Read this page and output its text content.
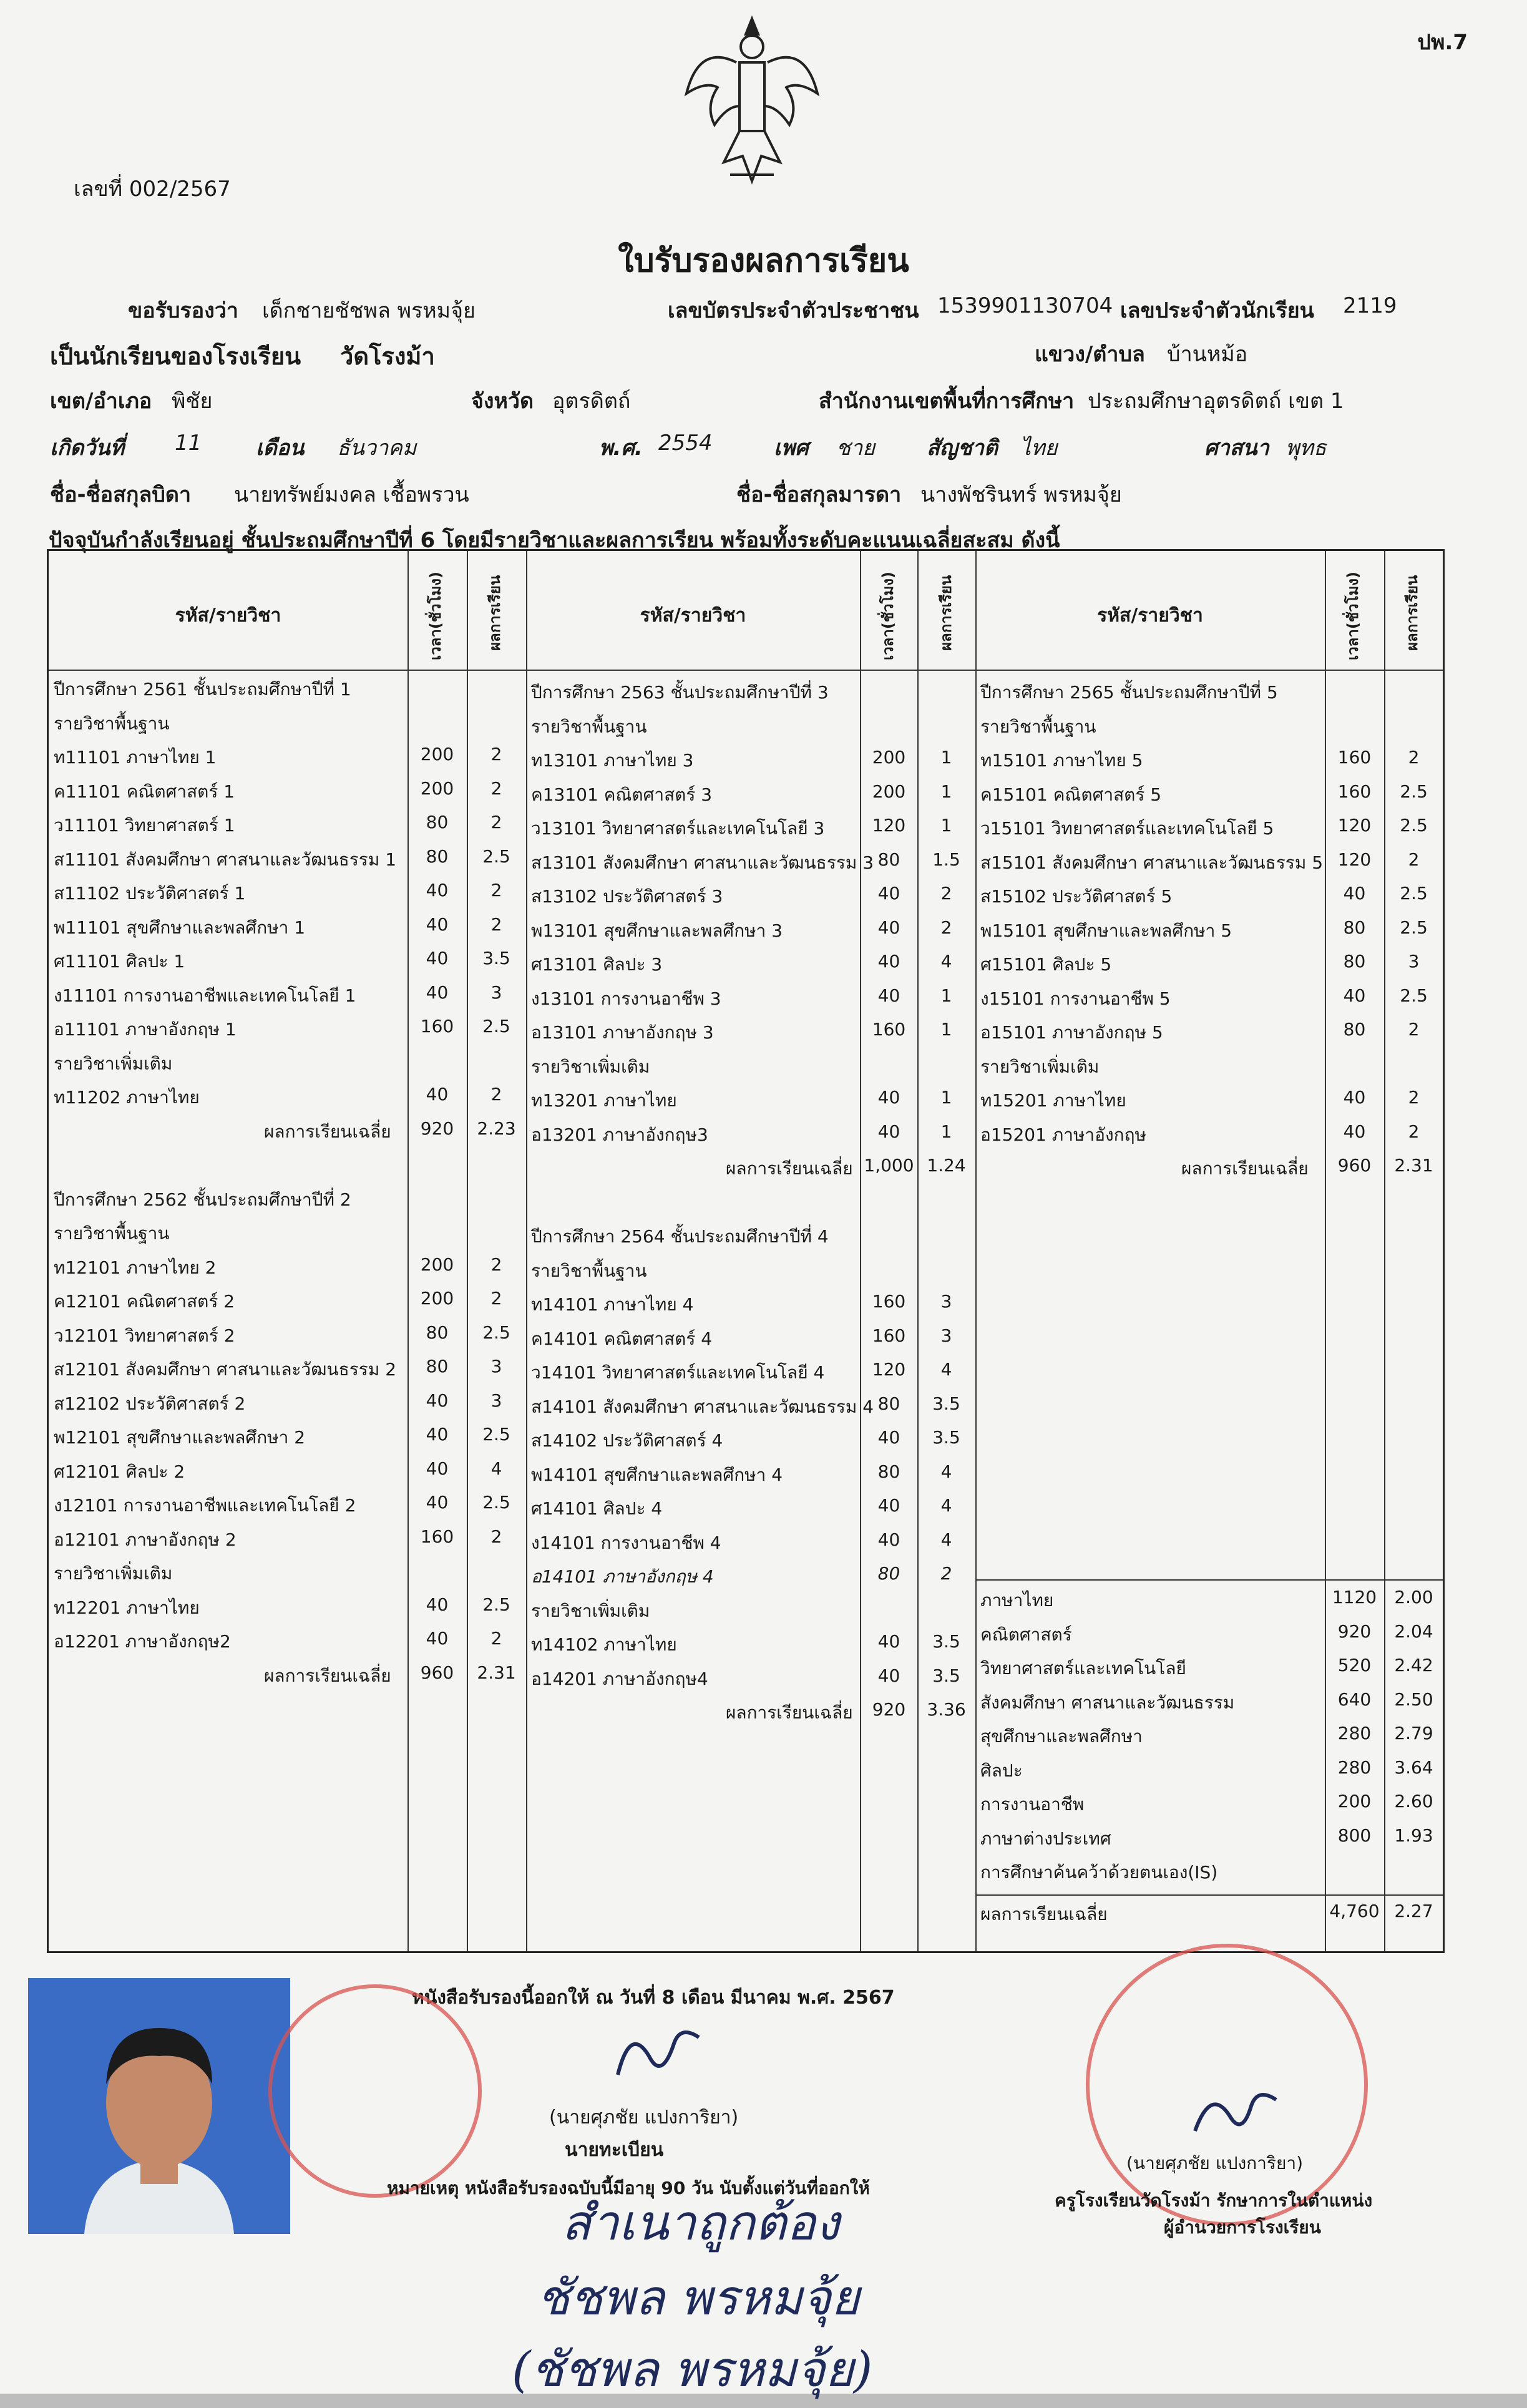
ปพ.7
เลขที่ 002/2567
ใบรับรองผลการเรียน
ขอรับรองว่า เด็กชายชัชพล พรหมจุ้ย	เลขบัตรประจำตัวประชาชน 1539901130704 เลขประจำตัวนักเรียน 2119
เป็นนักเรียนของโรงเรียน วัดโรงม้า	แขวง/ตำบล บ้านหม้อ
เขต/อำเภอ พิชัย	จังหวัด อุตรดิตถ์	สำนักงานเขตพื้นที่การศึกษา ประถมศึกษาอุตรดิตถ์ เขต 1
เกิดวันที่ 11	เดือน ธันวาคม	พ.ศ. 2554	เพศ ชาย สัญชาติ ไทย	ศาสนา พุทธ
ชื่อ-ชื่อสกุลบิดา นายทรัพย์มงคล เชื้อพรวน	ชื่อ-ชื่อสกุลมารดา นางพัชรินทร์ พรหมจุ้ย
ปัจจุบันกำลังเรียนอยู่ ชั้นประถมศึกษาปีที่ 6 โดยมีรายวิชาและผลการเรียน พร้อมทั้งระดับคะแนนเฉลี่ยสะสม ดังนี้
รหัส/รายวิชา	เวลา(ชั่วโมง)	ผลการเรียน	รหัส/รายวิชา	เวลา(ชั่วโมง)	ผลการเรียน	รหัส/รายวิชา	เวลา(ชั่วโมง)	ผลการเรียน
ปีการศึกษา 2561 ชั้นประถมศึกษาปีที่ 1
รายวิชาพื้นฐาน
ท11101 ภาษาไทย 1	200	2
ค11101 คณิตศาสตร์ 1	200	2
ว11101 วิทยาศาสตร์ 1	80	2
ส11101 สังคมศึกษา ศาสนาและวัฒนธรรม 1	80	2.5
ส11102 ประวัติศาสตร์ 1	40	2
พ11101 สุขศึกษาและพลศึกษา 1	40	2
ศ11101 ศิลปะ 1	40	3.5
ง11101 การงานอาชีพและเทคโนโลยี 1	40	3
อ11101 ภาษาอังกฤษ 1	160	2.5
รายวิชาเพิ่มเติม
ท11202 ภาษาไทย	40	2
ผลการเรียนเฉลี่ย	920	2.23
ปีการศึกษา 2562 ชั้นประถมศึกษาปีที่ 2
รายวิชาพื้นฐาน
ท12101 ภาษาไทย 2	200	2
ค12101 คณิตศาสตร์ 2	200	2
ว12101 วิทยาศาสตร์ 2	80	2.5
ส12101 สังคมศึกษา ศาสนาและวัฒนธรรม 2	80	3
ส12102 ประวัติศาสตร์ 2	40	3
พ12101 สุขศึกษาและพลศึกษา 2	40	2.5
ศ12101 ศิลปะ 2	40	4
ง12101 การงานอาชีพและเทคโนโลยี 2	40	2.5
อ12101 ภาษาอังกฤษ 2	160	2
รายวิชาเพิ่มเติม
ท12201 ภาษาไทย	40	2.5
อ12201 ภาษาอังกฤษ2	40	2
ผลการเรียนเฉลี่ย	960	2.31
ปีการศึกษา 2563 ชั้นประถมศึกษาปีที่ 3
รายวิชาพื้นฐาน
ท13101 ภาษาไทย 3	200	1
ค13101 คณิตศาสตร์ 3	200	1
ว13101 วิทยาศาสตร์และเทคโนโลยี 3	120	1
ส13101 สังคมศึกษา ศาสนาและวัฒนธรรม 3 80	1.5
ส13102 ประวัติศาสตร์ 3	40	2
พ13101 สุขศึกษาและพลศึกษา 3	40	2
ศ13101 ศิลปะ 3	40	4
ง13101 การงานอาชีพ 3	40	1
อ13101 ภาษาอังกฤษ 3	160	1
รายวิชาเพิ่มเติม
ท13201 ภาษาไทย	40	1
อ13201 ภาษาอังกฤษ3	40	1
ผลการเรียนเฉลี่ย 1,000 1.24
ปีการศึกษา 2564 ชั้นประถมศึกษาปีที่ 4
รายวิชาพื้นฐาน
ท14101 ภาษาไทย 4	160	3
ค14101 คณิตศาสตร์ 4	160	3
ว14101 วิทยาศาสตร์และเทคโนโลยี 4	120	4
ส14101 สังคมศึกษา ศาสนาและวัฒนธรรม 4 80	3.5
ส14102 ประวัติศาสตร์ 4	40	3.5
พ14101 สุขศึกษาและพลศึกษา 4	80	4
ศ14101 ศิลปะ 4	40	4
ง14101 การงานอาชีพ 4	40	4
อ14101 ภาษาอังกฤษ 4	80	2
รายวิชาเพิ่มเติม
ท14102 ภาษาไทย	40	3.5
อ14201 ภาษาอังกฤษ4	40	3.5
ผลการเรียนเฉลี่ย	920	3.36
ปีการศึกษา 2565 ชั้นประถมศึกษาปีที่ 5
รายวิชาพื้นฐาน
ท15101 ภาษาไทย 5	160	2
ค15101 คณิตศาสตร์ 5	160	2.5
ว15101 วิทยาศาสตร์และเทคโนโลยี 5	120	2.5
ส15101 สังคมศึกษา ศาสนาและวัฒนธรรม 5 120	2
ส15102 ประวัติศาสตร์ 5	40	2.5
พ15101 สุขศึกษาและพลศึกษา 5	80	2.5
ศ15101 ศิลปะ 5	80	3
ง15101 การงานอาชีพ 5	40	2.5
อ15101 ภาษาอังกฤษ 5	80	2
รายวิชาเพิ่มเติม
ท15201 ภาษาไทย	40	2
อ15201 ภาษาอังกฤษ	40	2
ผลการเรียนเฉลี่ย	960	2.31
ภาษาไทย	1120	2.00
คณิตศาสตร์	920	2.04
วิทยาศาสตร์และเทคโนโลยี	520	2.42
สังคมศึกษา ศาสนาและวัฒนธรรม	640	2.50
สุขศึกษาและพลศึกษา	280	2.79
ศิลปะ	280	3.64
การงานอาชีพ	200	2.60
ภาษาต่างประเทศ	800	1.93
การศึกษาค้นคว้าด้วยตนเอง(IS)
ผลการเรียนเฉลี่ย	4,760 2.27
หนังสือรับรองนี้ออกให้ ณ วันที่ 8 เดือน มีนาคม พ.ศ. 2567
(นายศุภชัย แปงการิยา)
นายทะเบียน
หมายเหตุ หนังสือรับรองฉบับนี้มีอายุ 90 วัน นับตั้งแต่วันที่ออกให้
(นายศุภชัย แปงการิยา)
ครูโรงเรียนวัดโรงม้า รักษาการในตำแหน่ง
ผู้อำนวยการโรงเรียน
สำเนาถูกต้อง
ชัชพล พรหมจุ้ย
(ชัชพล พรหมจุ้ย)
